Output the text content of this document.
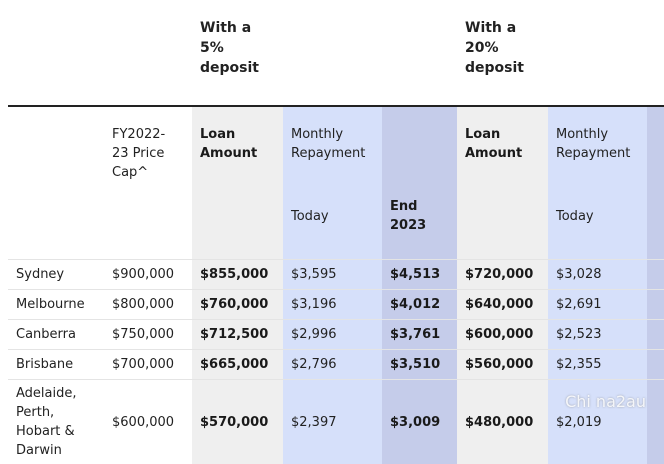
		With a
5%
deposit			With a
20%
deposit		
	FY2022-
23 Price
Cap^	Loan
Amount	Monthly
Repayment		Loan
Amount	Monthly
Repayment	
			Today	End
2023		Today	
Sydney	$900,000	$855,000	$3,595	$4,513	$720,000	$3,028	
Melbourne	$800,000	$760,000	$3,196	$4,012	$640,000	$2,691	
Canberra	$750,000	$712,500	$2,996	$3,761	$600,000	$2,523	
Brisbane	$700,000	$665,000	$2,796	$3,510	$560,000	$2,355	
Adelaide,
Perth,
Hobart &
Darwin	$600,000	$570,000	$2,397	$3,009	$480,000	$2,019	
Chi na2au
